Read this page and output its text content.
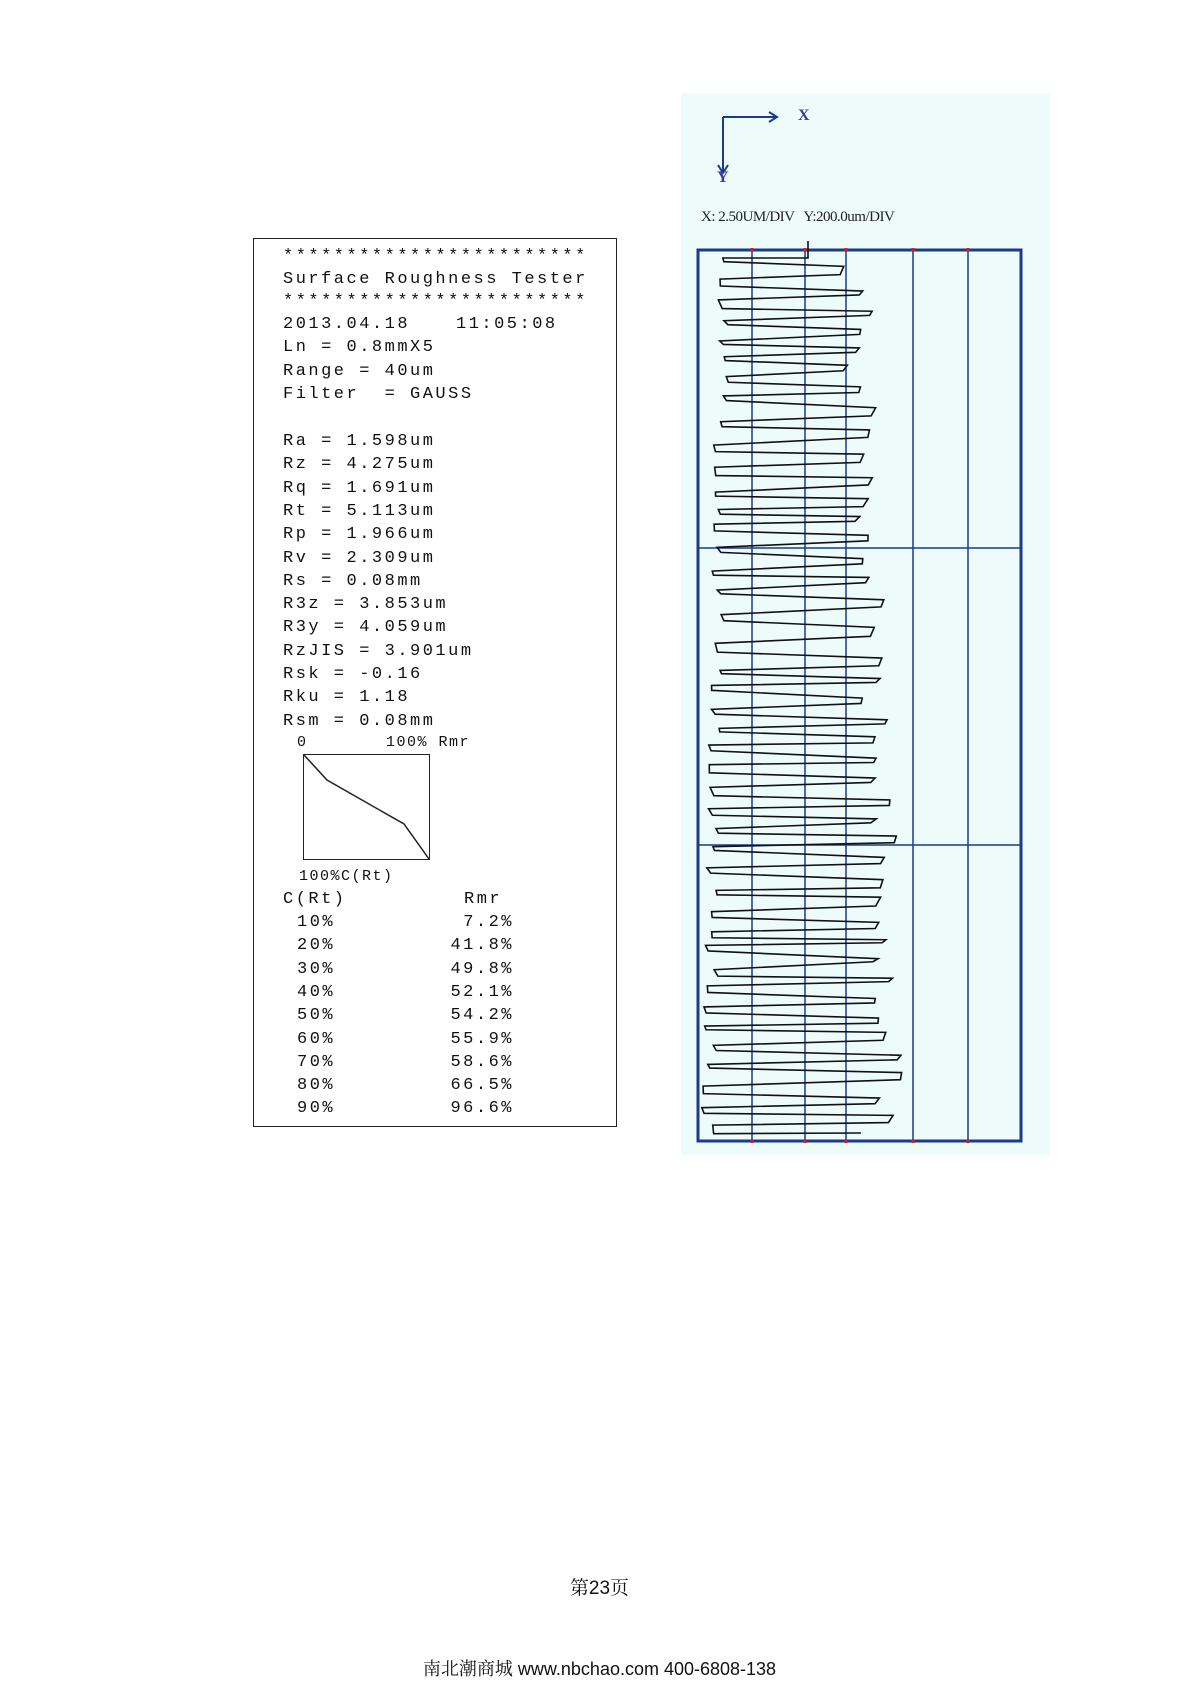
************************
Surface Roughness Tester
************************
2013.04.18	11:05:08
Ln = 0.8mmX5
Range = 40um
Filter  = GAUSS
Ra = 1.598um
Rz = 4.275um
Rq = 1.691um
Rt = 5.113um
Rp = 1.966um
Rv = 2.309um
Rs = 0.08mm
R3z = 3.853um
R3y = 4.059um
RzJIS = 3.901um
Rsk = -0.16
Rku = 1.18
Rsm = 0.08mm
0	100% Rmr
100%C(Rt)
C(Rt)	Rmr
10%	7.2%
20%	41.8%
30%	49.8%
40%	52.1%
50%	54.2%
60%	55.9%
70%	58.6%
80%	66.5%
90%	96.6%
X
Y
X: 2.50UM/DIV   Y:200.0um/DIV
第23页
南北潮商城 www.nbchao.com 400-6808-138
